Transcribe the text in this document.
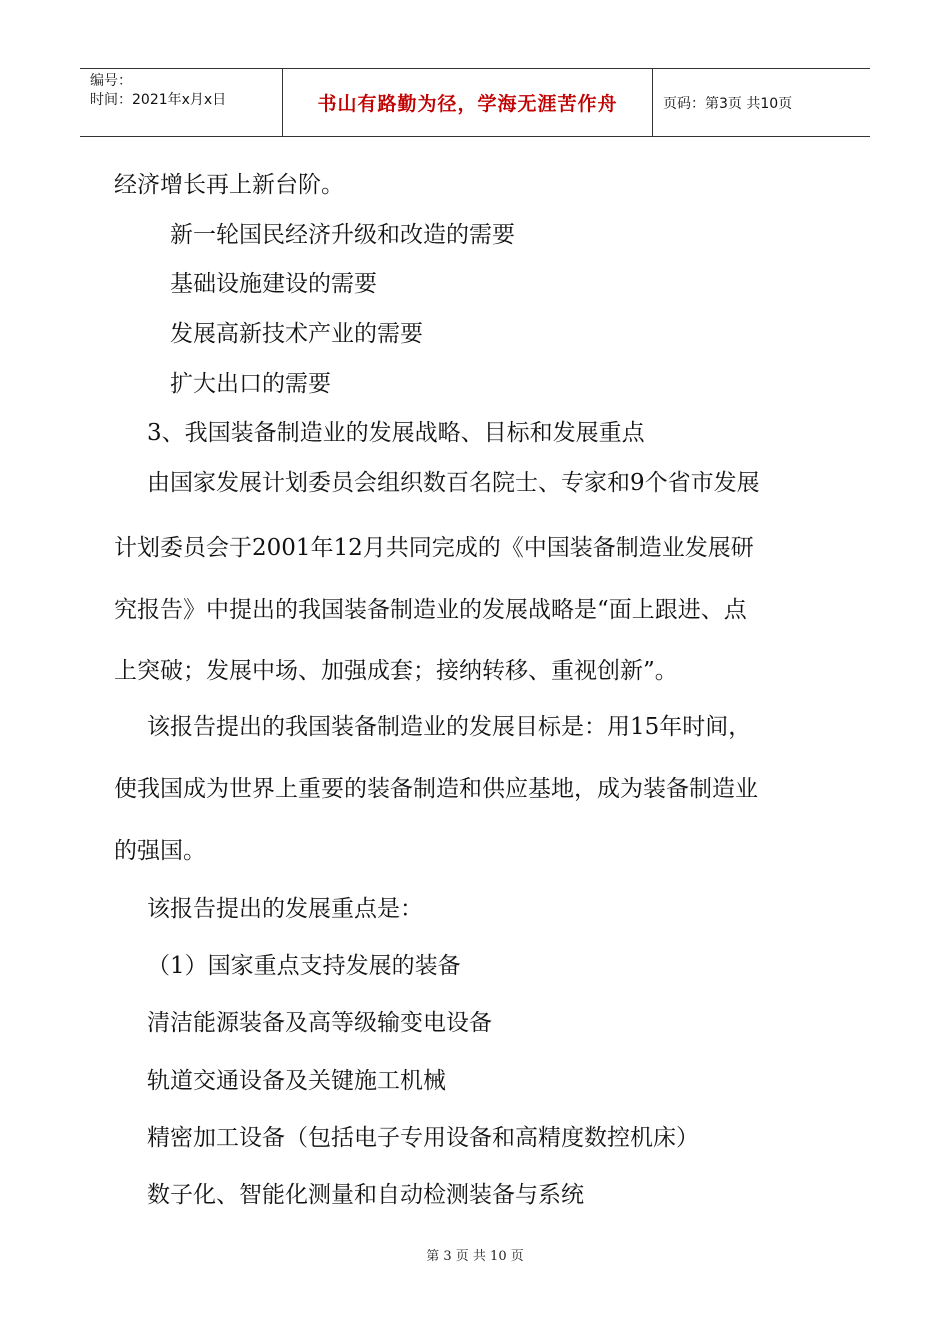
编号：
时间：2021年x月x日	书山有路勤为径，学海无涯苦作舟	页码：第3页 共10页
经济增长再上新台阶。
新一轮国民经济升级和改造的需要
基础设施建设的需要
发展高新技术产业的需要
扩大出口的需要
3、我国装备制造业的发展战略、目标和发展重点
由国家发展计划委员会组织数百名院士、专家和9个省市发展
计划委员会于2001年12月共同完成的《中国装备制造业发展研
究报告》中提出的我国装备制造业的发展战略是“面上跟进、点
上突破；发展中场、加强成套；接纳转移、重视创新”。
该报告提出的我国装备制造业的发展目标是：用15年时间，
使我国成为世界上重要的装备制造和供应基地，成为装备制造业
的强国。
该报告提出的发展重点是：
（1）国家重点支持发展的装备
清洁能源装备及高等级输变电设备
轨道交通设备及关键施工机械
精密加工设备（包括电子专用设备和高精度数控机床）
数子化、智能化测量和自动检测装备与系统
第 3 页 共 10 页
